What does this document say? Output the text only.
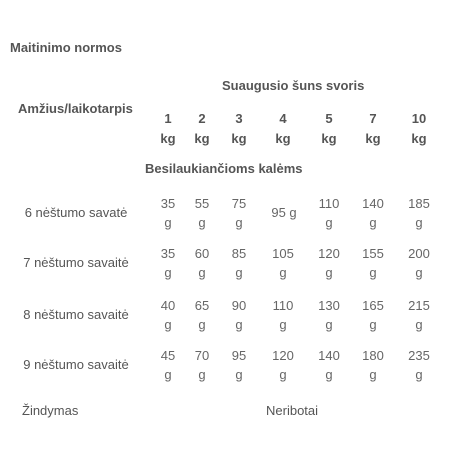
Maitinimo normos
Suaugusio šuns svoris
Amžius/laikotarpis
1
kg
2
kg
3
kg
4
kg
5
kg
7
kg
10
kg
Besilaukiančioms kalėms
6 nėštumo savatė
35
g
55
g
75
g
95 g
110
g
140
g
185
g
7 nėštumo savaitė
35
g
60
g
85
g
105
g
120
g
155
g
200
g
8 nėštumo savaitė
40
g
65
g
90
g
110
g
130
g
165
g
215
g
9 nėštumo savaitė
45
g
70
g
95
g
120
g
140
g
180
g
235
g
Žindymas	Neribotai
